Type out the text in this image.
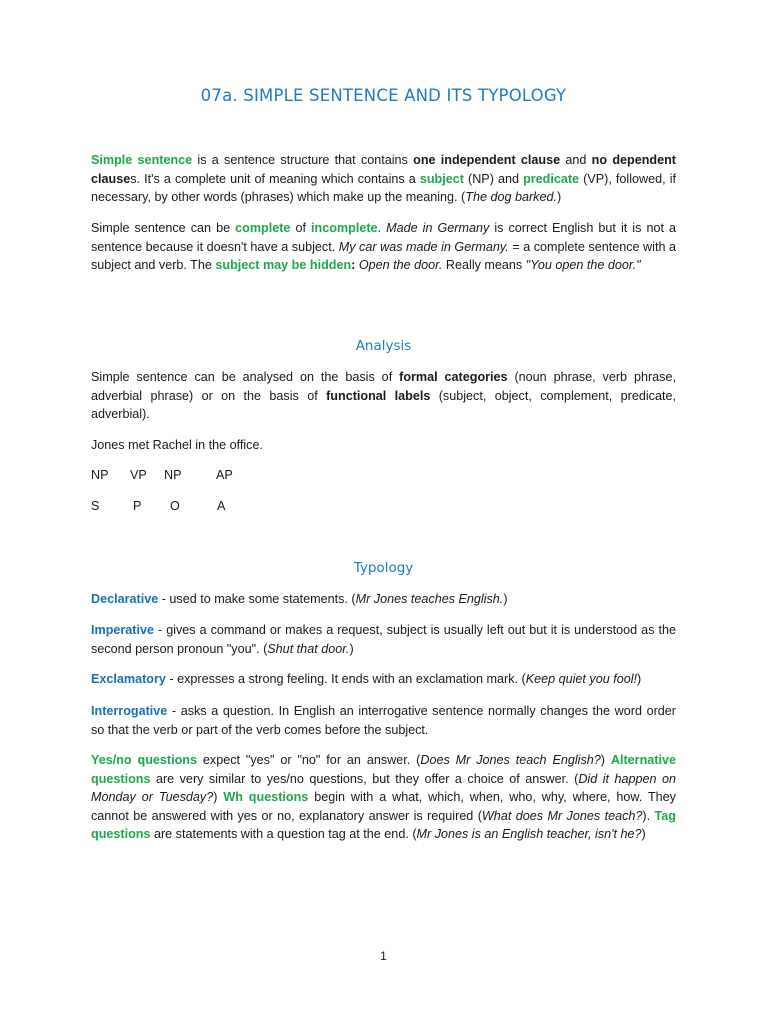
07a. SIMPLE SENTENCE AND ITS TYPOLOGY

Simple sentence is a sentence structure that contains one independent clause and no dependent clauses. It's a complete unit of meaning which contains a subject (NP) and predicate (VP), followed, if necessary, by other words (phrases) which make up the meaning. (The dog barked.)

Simple sentence can be complete of incomplete. Made in Germany is correct English but it is not a sentence because it doesn't have a subject. My car was made in Germany. = a complete sentence with a subject and verb. The subject may be hidden: Open the door. Really means "You open the door."

Analysis

Simple sentence can be analysed on the basis of formal categories (noun phrase, verb phrase, adverbial phrase) or on the basis of functional labels (subject, object, complement, predicate, adverbial).

Jones met Rachel in the office.

NP VP NP	AP
S	P O	A
Typology

Declarative - used to make some statements. (Mr Jones teaches English.)

Imperative - gives a command or makes a request, subject is usually left out but it is understood as the second person pronoun "you". (Shut that door.)

Exclamatory - expresses a strong feeling. It ends with an exclamation mark. (Keep quiet you fool!)

Interrogative - asks a question. In English an interrogative sentence normally changes the word order so that the verb or part of the verb comes before the subject.

Yes/no questions expect "yes" or "no" for an answer. (Does Mr Jones teach English?) Alternative questions are very similar to yes/no questions, but they offer a choice of answer. (Did it happen on Monday or Tuesday?) Wh questions begin with a what, which, when, who, why, where, how. They cannot be answered with yes or no, explanatory answer is required (What does Mr Jones teach?). Tag questions are statements with a question tag at the end. (Mr Jones is an English teacher, isn't he?)

1
